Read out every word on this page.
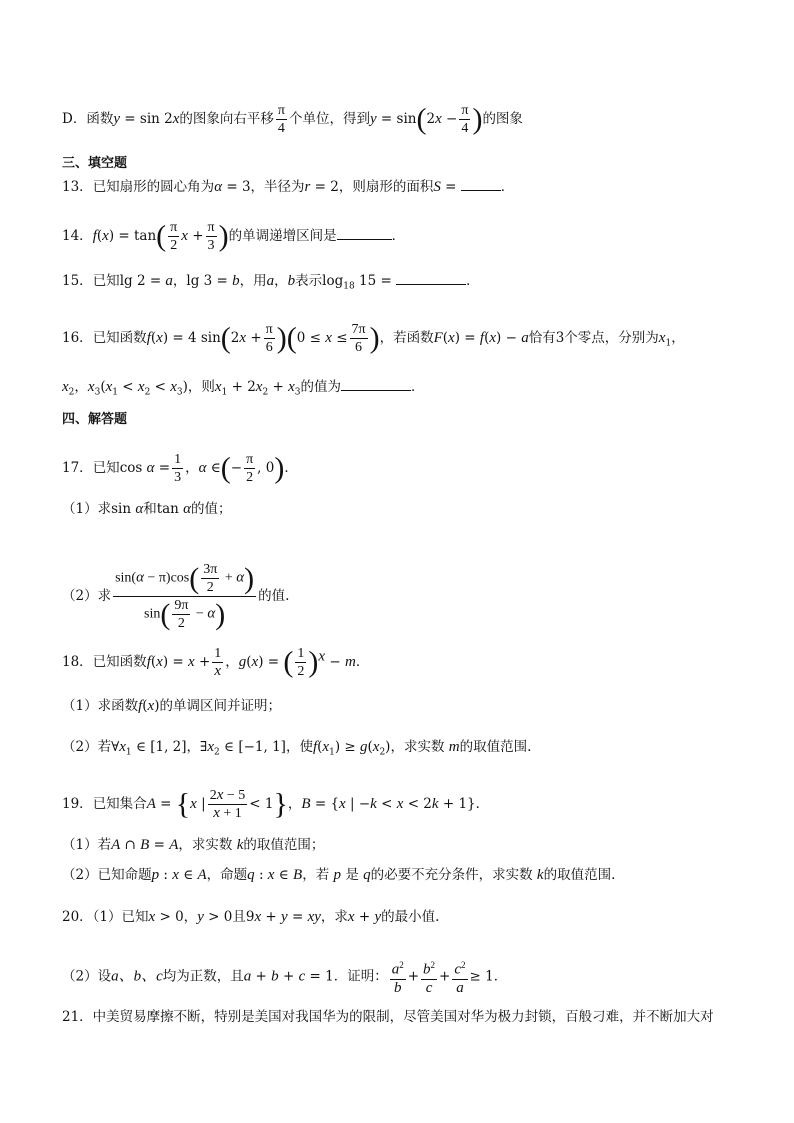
D．函数y = sin 2x的图象向右平移 $\frac{\pi}{4}$ 个单位，得到$y = \sin(2x - \frac{\pi}{4}$ )的图象
三、填空题
13．已知扇形的圆心角为α = 3，半径为r = 2，则扇形的面积S =	．
14．$f(x) = \tan( \frac{\pi}{2}$ $x + \frac{\pi}{3}$ )的单调递增区间是	．
15．已知lg 2 = a，lg 3 = b，用a，b表示$\log_{18} 15$ =	．
16．已知函数f(x) = 4 $\sin(2x + \frac{\pi}{6} )(0 \le x \le \frac{7\pi}{6}$ )，若函数F(x) = f(x) − a恰有3个零点，分别为$x_1$，
$x_2$，$x_3(x_1 < x_2 < x_3)$，则$x_1 + 2x_2 + x_3$的值为	．
四、解答题
17．已知$\cos \alpha = \frac{1}{3}$ ，α ∈(− $\frac{\pi}{2}$ , 0)．
（1）求sin α和tan α的值；
（2）求 $\frac{\sin(\alpha - \pi)\cos( \frac{3\pi}{2} + \alpha)}{\sin( \frac{9\pi}{2} - \alpha)}$ 的值.
18．已知函数$f(x) = x + \frac{1}{x}$ ，g(x) = ( $\frac{1}{2} )^x - m$．
（1）求函数f(x)的单调区间并证明；
（2）若$\forall x_1$ ∈ [1, 2]，$\exists x_2$ ∈ [−1, 1]，使$f(x_1) \ge g(x_2)$，求实数 m的取值范围.
19．已知集合A = {x | $\frac{2x - 5}{x + 1} < 1$}，B = {x | −k < x < 2k + 1}．
（1）若A ∩ B = A，求实数 k的取值范围；
（2）已知命题p : x ∈ A，命题q : x ∈ B，若 p 是 q的必要不充分条件，求实数 k的取值范围.
20．（1）已知x > 0，y > 0且9x + y = xy，求x + y的最小值.
（2）设a、b、c均为正数，且a + b + c = 1．证明： $\frac{a^2}{b} + \frac{b^2}{c} + \frac{c^2}{a} \ge 1$．
21．中美贸易摩擦不断，特别是美国对我国华为的限制，尽管美国对华为极力封锁，百般刁难，并不断加大对
